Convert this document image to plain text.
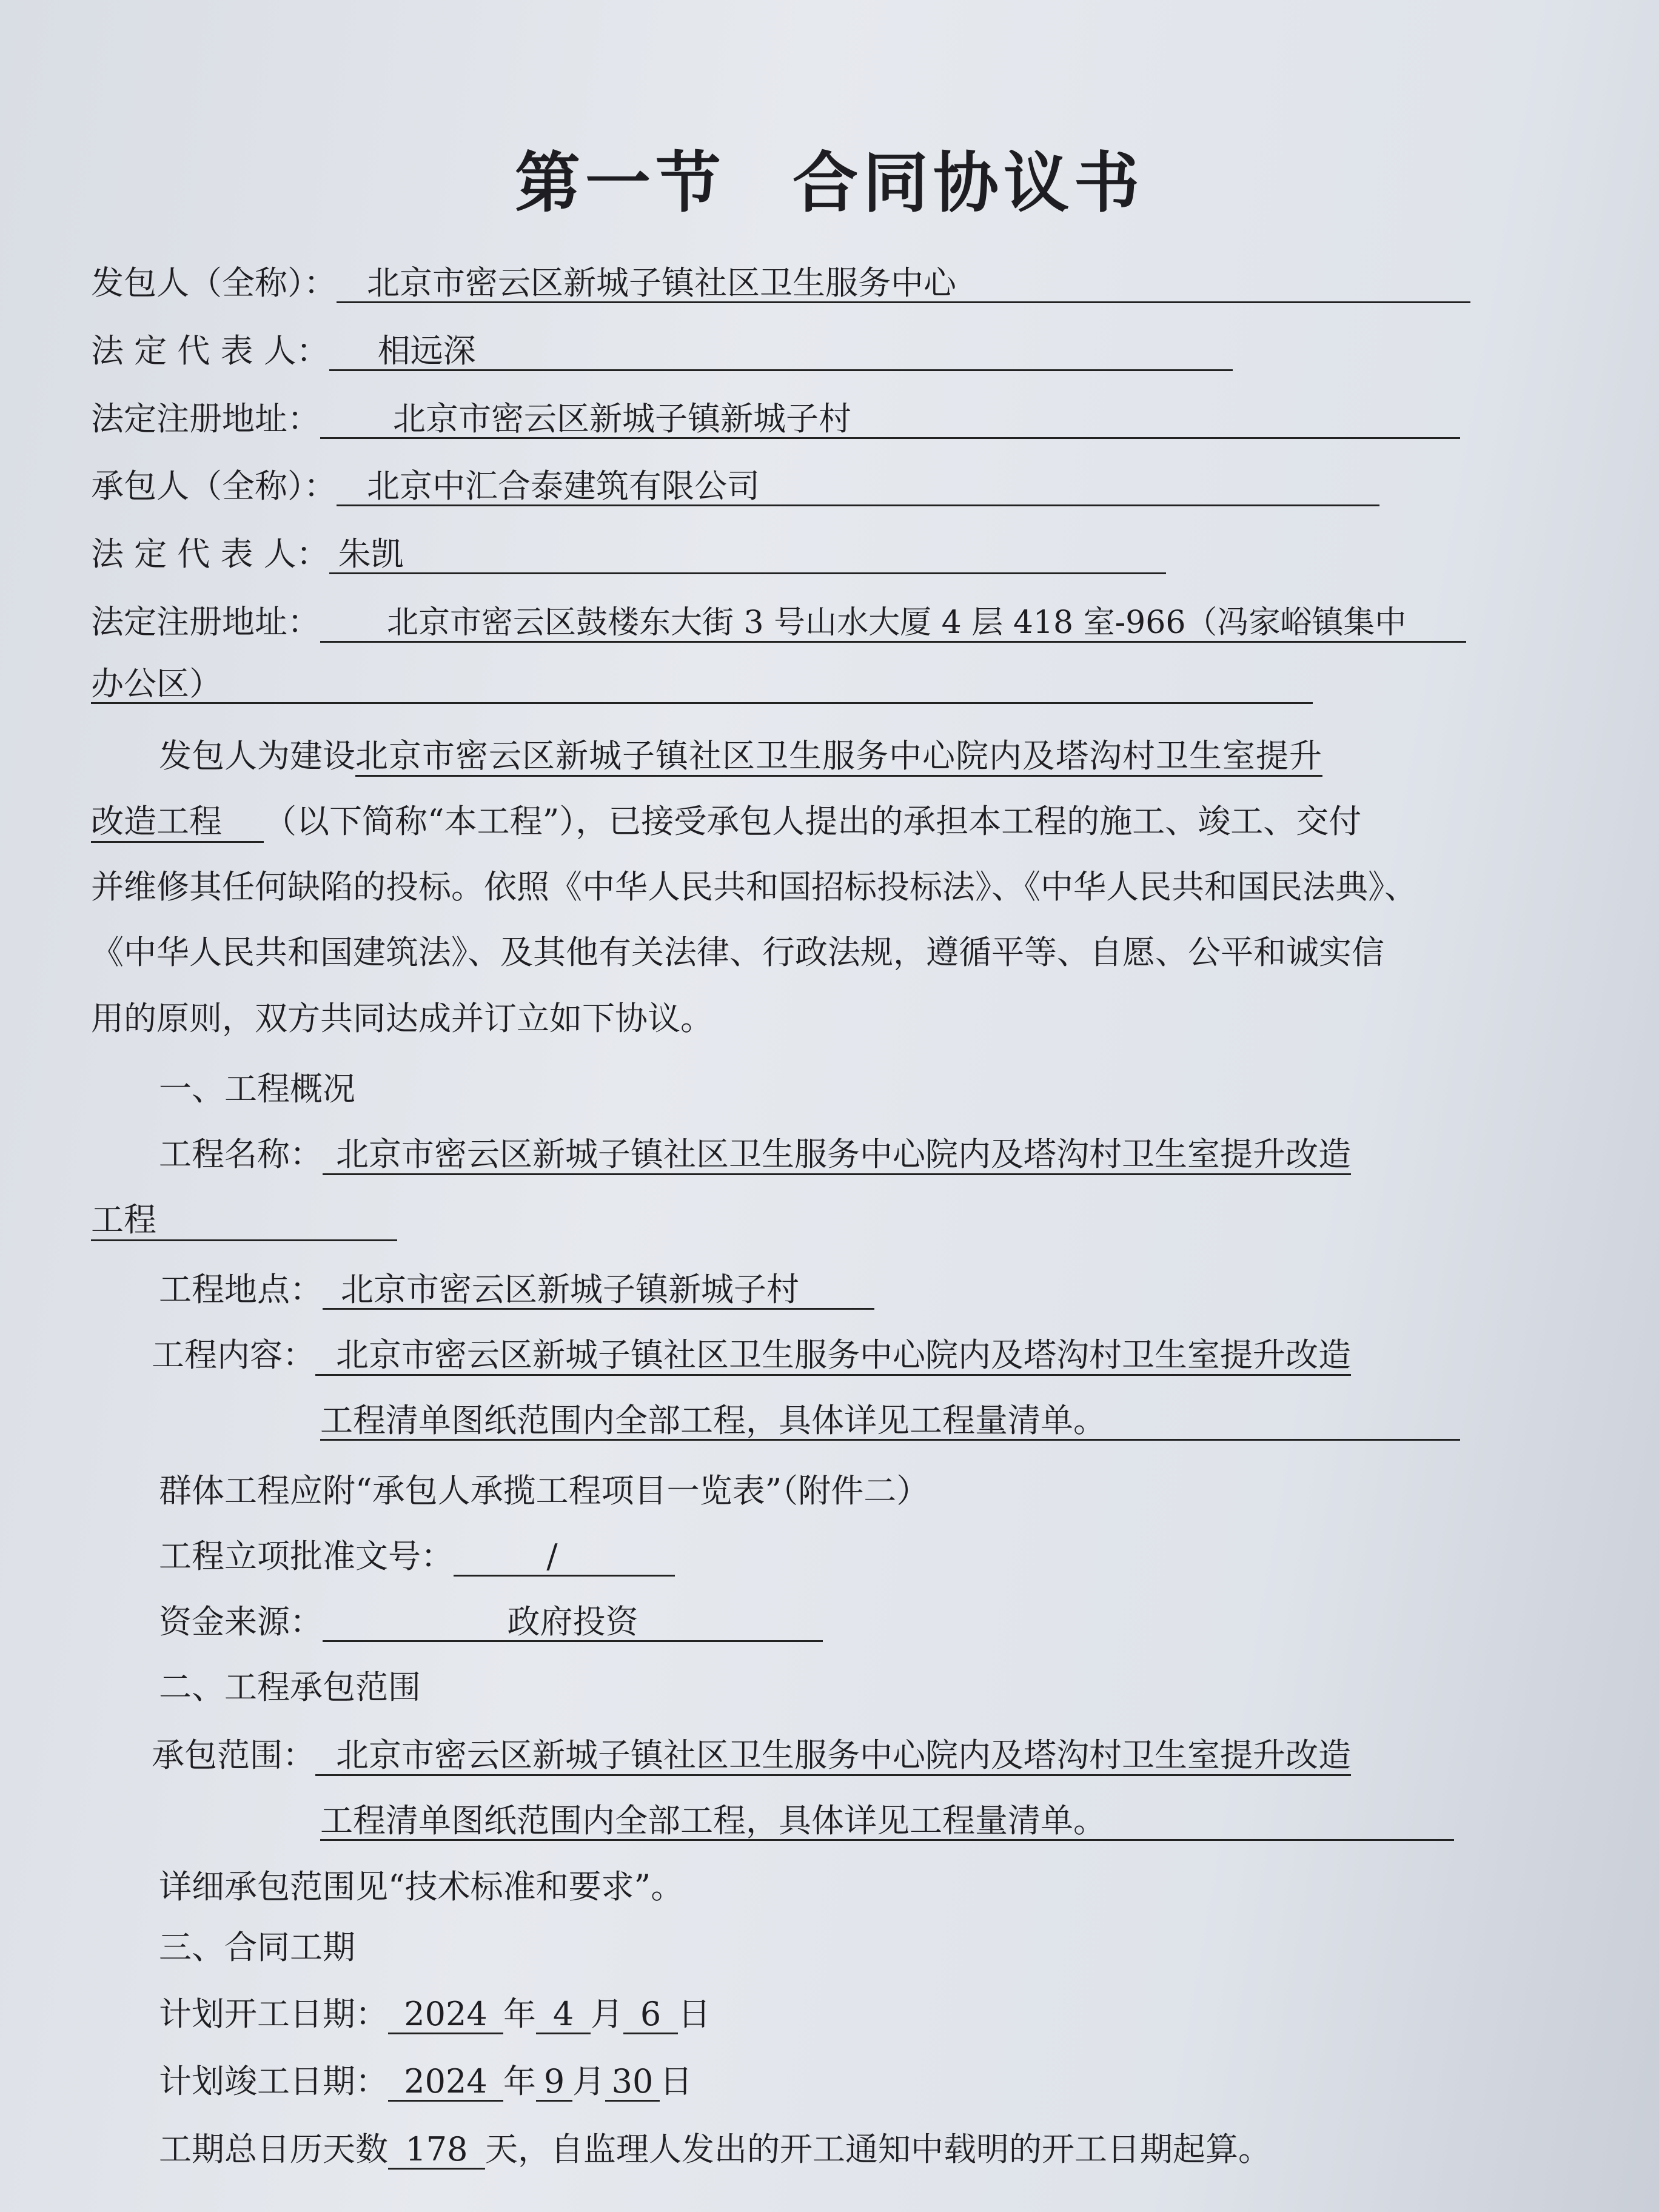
第一节 合同协议书
发包人（全称）： 北京市密云区新城子镇社区卫生服务中心
法 定 代 表 人： 相远深
法定注册地址： 北京市密云区新城子镇新城子村
承包人（全称）： 北京中汇合泰建筑有限公司
法 定 代 表 人： 朱凯
法定注册地址： 北京市密云区鼓楼东大街 3 号山水大厦 4 层 418 室-966（冯家峪镇集中
办公区）
发包人为建设北京市密云区新城子镇社区卫生服务中心院内及塔沟村卫生室提升
改造工程 （以下简称“本工程”），已接受承包人提出的承担本工程的施工、竣工、交付
并维修其任何缺陷的投标。依照《中华人民共和国招标投标法》、《中华人民共和国民法典》、
《中华人民共和国建筑法》、及其他有关法律、行政法规，遵循平等、自愿、公平和诚实信
用的原则，双方共同达成并订立如下协议。
一、工程概况
工程名称： 北京市密云区新城子镇社区卫生服务中心院内及塔沟村卫生室提升改造
工程
工程地点： 北京市密云区新城子镇新城子村
工程内容： 北京市密云区新城子镇社区卫生服务中心院内及塔沟村卫生室提升改造
工程清单图纸范围内全部工程，具体详见工程量清单。
群体工程应附“承包人承揽工程项目一览表”（附件二）
工程立项批准文号：	/
资金来源：	政府投资
二、工程承包范围
承包范围： 北京市密云区新城子镇社区卫生服务中心院内及塔沟村卫生室提升改造
工程清单图纸范围内全部工程，具体详见工程量清单。
详细承包范围见“技术标准和要求”。
三、合同工期
计划开工日期： 2024 年 4 月 6 日
计划竣工日期： 2024 年 9 月 30 日
工期总日历天数 178 天，自监理人发出的开工通知中载明的开工日期起算。
